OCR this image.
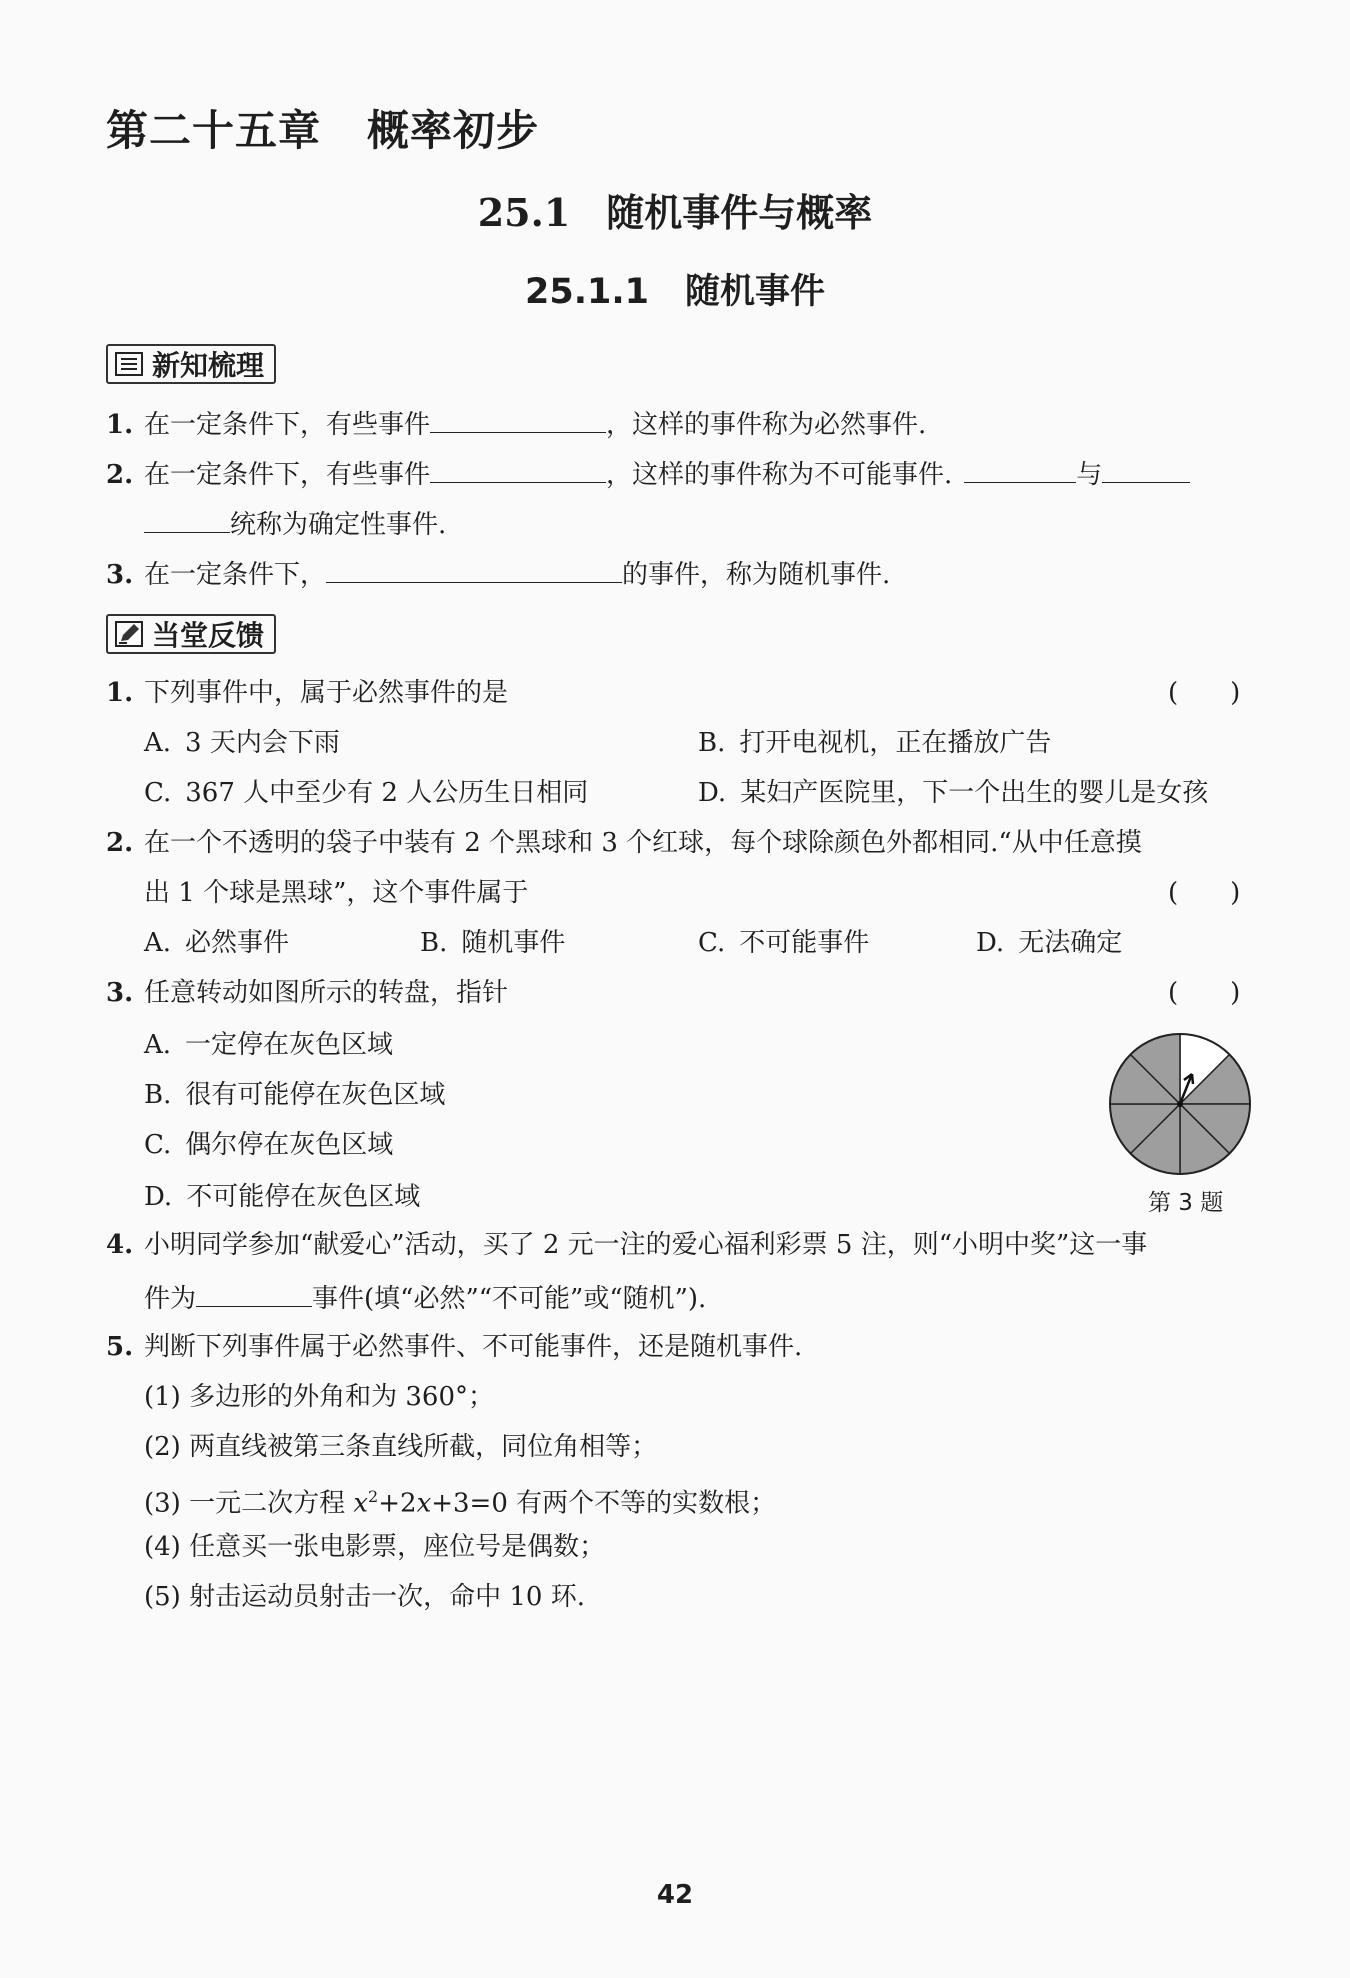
第二十五章 概率初步
25.1 随机事件与概率
25.1.1 随机事件
新知梳理
1. 在一定条件下，有些事件	，这样的事件称为必然事件.
2. 在一定条件下，有些事件	，这样的事件称为不可能事件.	与
统称为确定性事件.
3. 在一定条件下，	的事件，称为随机事件.
当堂反馈
1. 下列事件中，属于必然事件的是	(　　)
A. 3 天内会下雨	B. 打开电视机，正在播放广告
C. 367 人中至少有 2 人公历生日相同	D. 某妇产医院里，下一个出生的婴儿是女孩
2. 在一个不透明的袋子中装有 2 个黑球和 3 个红球，每个球除颜色外都相同.“从中任意摸
出 1 个球是黑球”，这个事件属于	(　　)
A. 必然事件	B. 随机事件	C. 不可能事件	D. 无法确定
3. 任意转动如图所示的转盘，指针	(　　)
A. 一定停在灰色区域
B. 很有可能停在灰色区域
C. 偶尔停在灰色区域
D. 不可能停在灰色区域	第 3 题
4. 小明同学参加“献爱心”活动，买了 2 元一注的爱心福利彩票 5 注，则“小明中奖”这一事
件为	事件(填“必然”“不可能”或“随机”).
5. 判断下列事件属于必然事件、不可能事件，还是随机事件.
(1) 多边形的外角和为 360°；
(2) 两直线被第三条直线所截，同位角相等；
(3) 一元二次方程 $x^2+2x+3=0$ 有两个不等的实数根；
(4) 任意买一张电影票，座位号是偶数；
(5) 射击运动员射击一次，命中 10 环.
42
